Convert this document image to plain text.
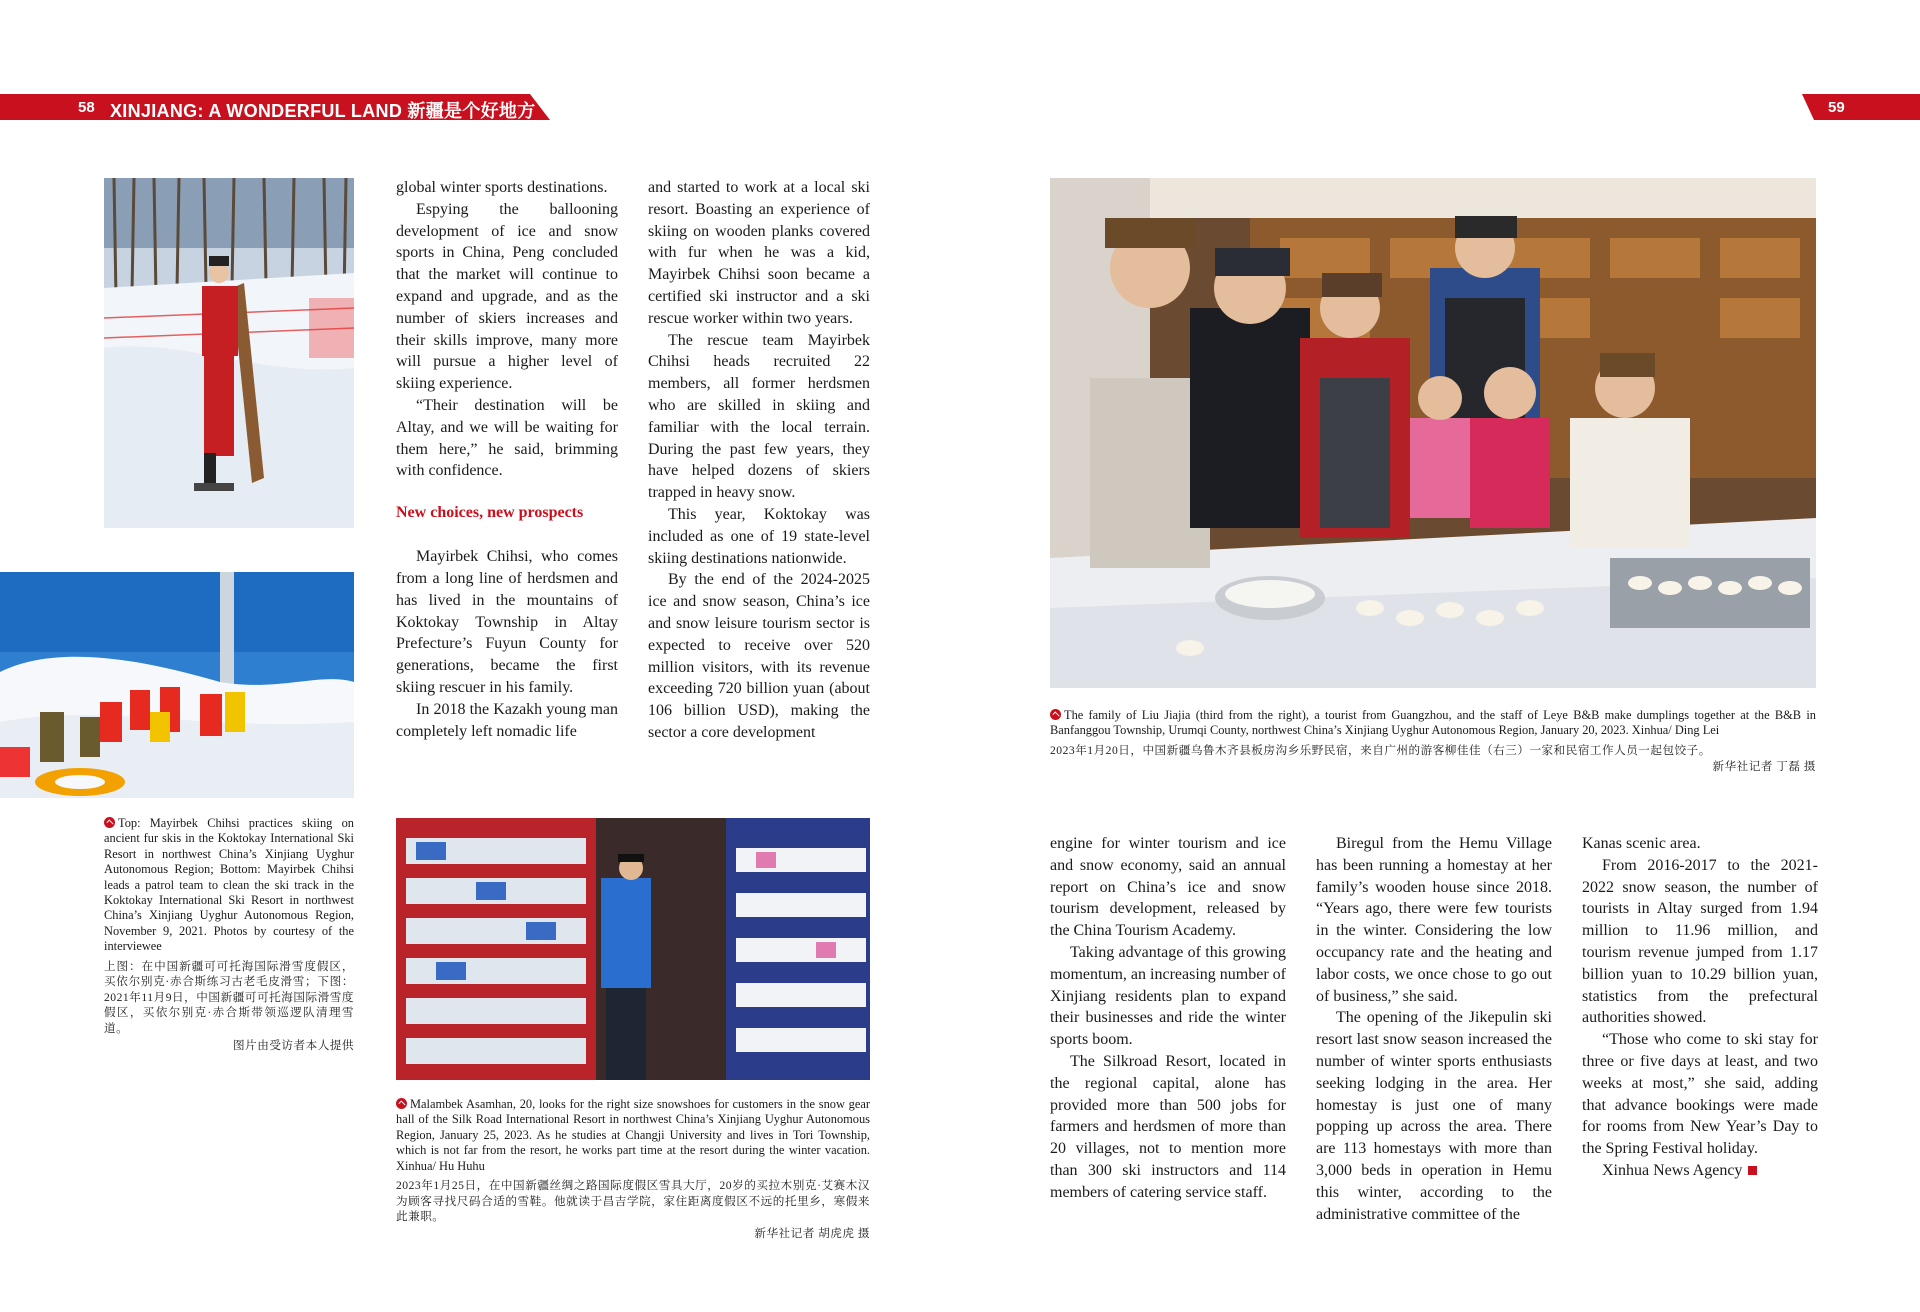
58 XINJIANG: A WONDERFUL LAND 新疆是个好地方	59
Top: Mayirbek Chihsi practices skiing on ancient fur skis in the Koktokay International Ski Resort in northwest China’s Xinjiang Uyghur Autonomous Region; Bottom: Mayirbek Chihsi leads a patrol team to clean the ski track in the Koktokay International Ski Resort in northwest China’s Xinjiang Uyghur Autonomous Region, November 9, 2021. Photos by courtesy of the interviewee
上图：在中国新疆可可托海国际滑雪度假区，买依尔别克·赤合斯练习古老毛皮滑雪；下图：2021年11月9日，中国新疆可可托海国际滑雪度假区，买依尔别克·赤合斯带领巡逻队清理雪道。
图片由受访者本人提供

global winter sports destinations.

Espying the ballooning development of ice and snow sports in China, Peng concluded that the market will continue to expand and upgrade, and as the number of skiers increases and their skills improve, many more will pursue a higher level of skiing experience.

“Their destination will be Altay, and we will be waiting for them here,” he said, brimming with confidence.

New choices, new prospects

Mayirbek Chihsi, who comes from a long line of herdsmen and has lived in the mountains of Koktokay Township in Altay Prefecture’s Fuyun County for generations, became the first skiing rescuer in his family.

In 2018 the Kazakh young man completely left nomadic life

and started to work at a local ski resort. Boasting an experience of skiing on wooden planks covered with fur when he was a kid, Mayirbek Chihsi soon became a certified ski instructor and a ski rescue worker within two years.

The rescue team Mayirbek Chihsi heads recruited 22 members, all former herdsmen who are skilled in skiing and familiar with the local terrain. During the past few years, they have helped dozens of skiers trapped in heavy snow.

This year, Koktokay was included as one of 19 state-level skiing destinations nationwide.

By the end of the 2024-2025 ice and snow season, China’s ice and snow leisure tourism sector is expected to receive over 520 million visitors, with its revenue exceeding 720 billion yuan (about 106 billion USD), making the sector a core development

Malambek Asamhan, 20, looks for the right size snowshoes for customers in the snow gear hall of the Silk Road International Resort in northwest China’s Xinjiang Uyghur Autonomous Region, January 25, 2023. As he studies at Changji University and lives in Tori Township, which is not far from the resort, he works part time at the resort during the winter vacation. Xinhua/ Hu Huhu
2023年1月25日，在中国新疆丝绸之路国际度假区雪具大厅，20岁的买拉木别克·艾赛木汉为顾客寻找尺码合适的雪鞋。他就读于昌吉学院，家住距离度假区不远的托里乡，寒假来此兼职。
新华社记者 胡虎虎 摄
The family of Liu Jiajia (third from the right), a tourist from Guangzhou, and the staff of Leye B&B make dumplings together at the B&B in Banfanggou Township, Urumqi County, northwest China’s Xinjiang Uyghur Autonomous Region, January 20, 2023. Xinhua/ Ding Lei
2023年1月20日，中国新疆乌鲁木齐县板房沟乡乐野民宿，来自广州的游客柳佳佳（右三）一家和民宿工作人员一起包饺子。
新华社记者 丁磊 摄

engine for winter tourism and ice and snow economy, said an annual report on China’s ice and snow tourism development, released by the China Tourism Academy.

Taking advantage of this growing momentum, an increasing number of Xinjiang residents plan to expand their businesses and ride the winter sports boom.

The Silkroad Resort, located in the regional capital, alone has provided more than 500 jobs for farmers and herdsmen of more than 20 villages, not to mention more than 300 ski instructors and 114 members of catering service staff.

Biregul from the Hemu Village has been running a homestay at her family’s wooden house since 2018. “Years ago, there were few tourists in the winter. Considering the low occupancy rate and the heating and labor costs, we once chose to go out of business,” she said.

The opening of the Jikepulin ski resort last snow season increased the number of winter sports enthusiasts seeking lodging in the area. Her homestay is just one of many popping up across the area. There are 113 homestays with more than 3,000 beds in operation in Hemu this winter, according to the administrative committee of the

Kanas scenic area.

From 2016-2017 to the 2021-2022 snow season, the number of tourists in Altay surged from 1.94 million to 11.96 million, and tourism revenue jumped from 1.17 billion yuan to 10.29 billion yuan, statistics from the prefectural authorities showed.

“Those who come to ski stay for three or five days at least, and two weeks at most,” she said, adding that advance bookings were made for rooms from New Year’s Day to the Spring Festival holiday.

Xinhua News Agency
